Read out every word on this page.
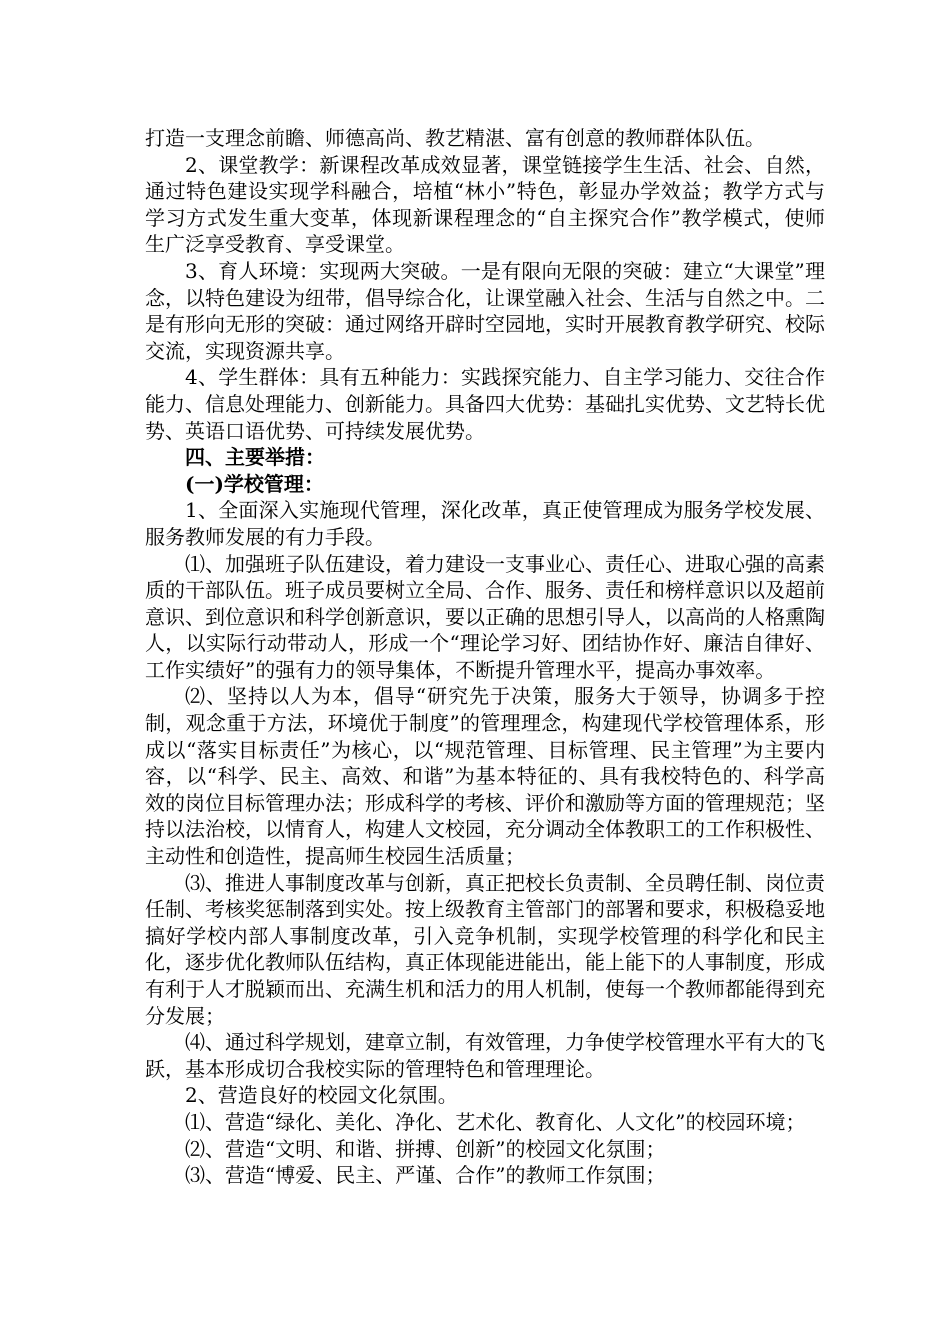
打造一支理念前瞻、师德高尚、教艺精湛、富有创意的教师群体队伍。

2、课堂教学：新课程改革成效显著，课堂链接学生生活、社会、自然，通过特色建设实现学科融合，培植“林小”特色，彰显办学效益；教学方式与学习方式发生重大变革，体现新课程理念的“自主探究合作”教学模式，使师生广泛享受教育、享受课堂。

3、育人环境：实现两大突破。一是有限向无限的突破：建立“大课堂”理念，以特色建设为纽带，倡导综合化，让课堂融入社会、生活与自然之中。二是有形向无形的突破：通过网络开辟时空园地，实时开展教育教学研究、校际交流，实现资源共享。

4、学生群体：具有五种能力：实践探究能力、自主学习能力、交往合作能力、信息处理能力、创新能力。具备四大优势：基础扎实优势、文艺特长优势、英语口语优势、可持续发展优势。

四、主要举措：

(一)学校管理：

1、全面深入实施现代管理，深化改革，真正使管理成为服务学校发展、服务教师发展的有力手段。

⑴、加强班子队伍建设，着力建设一支事业心、责任心、进取心强的高素质的干部队伍。班子成员要树立全局、合作、服务、责任和榜样意识以及超前意识、到位意识和科学创新意识，要以正确的思想引导人，以高尚的人格熏陶人，以实际行动带动人，形成一个“理论学习好、团结协作好、廉洁自律好、工作实绩好”的强有力的领导集体，不断提升管理水平，提高办事效率。

⑵、坚持以人为本，倡导“研究先于决策，服务大于领导，协调多于控制，观念重于方法，环境优于制度”的管理理念，构建现代学校管理体系，形成以“落实目标责任”为核心，以“规范管理、目标管理、民主管理”为主要内容，以“科学、民主、高效、和谐”为基本特征的、具有我校特色的、科学高效的岗位目标管理办法；形成科学的考核、评价和激励等方面的管理规范；坚持以法治校，以情育人，构建人文校园，充分调动全体教职工的工作积极性、主动性和创造性，提高师生校园生活质量；

⑶、推进人事制度改革与创新，真正把校长负责制、全员聘任制、岗位责任制、考核奖惩制落到实处。按上级教育主管部门的部署和要求，积极稳妥地搞好学校内部人事制度改革，引入竞争机制，实现学校管理的科学化和民主化，逐步优化教师队伍结构，真正体现能进能出，能上能下的人事制度，形成有利于人才脱颖而出、充满生机和活力的用人机制，使每一个教师都能得到充分发展；

⑷、通过科学规划，建章立制，有效管理，力争使学校管理水平有大的飞跃，基本形成切合我校实际的管理特色和管理理论。

2、营造良好的校园文化氛围。

⑴、营造“绿化、美化、净化、艺术化、教育化、人文化”的校园环境；

⑵、营造“文明、和谐、拼搏、创新”的校园文化氛围；

⑶、营造“博爱、民主、严谨、合作”的教师工作氛围；
